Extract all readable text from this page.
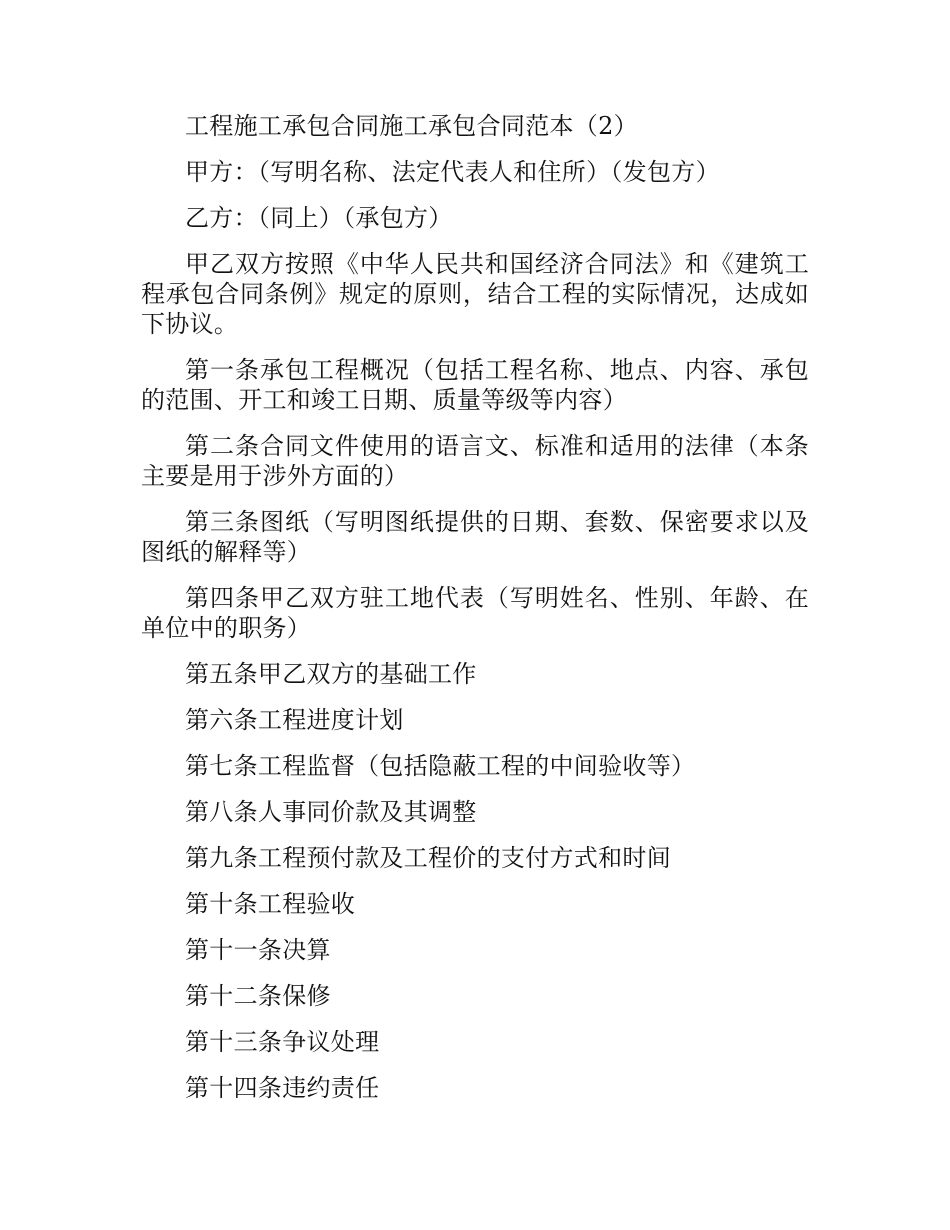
工程施工承包合同施工承包合同范本（2）

甲方：（写明名称、法定代表人和住所）（发包方）

乙方：（同上）（承包方）

甲乙双方按照《中华人民共和国经济合同法》和《建筑工程承包合同条例》规定的原则，结合工程的实际情况，达成如下协议。

第一条承包工程概况（包括工程名称、地点、内容、承包的范围、开工和竣工日期、质量等级等内容）

第二条合同文件使用的语言文、标准和适用的法律（本条主要是用于涉外方面的）

第三条图纸（写明图纸提供的日期、套数、保密要求以及图纸的解释等）

第四条甲乙双方驻工地代表（写明姓名、性别、年龄、在单位中的职务）

第五条甲乙双方的基础工作

第六条工程进度计划

第七条工程监督（包括隐蔽工程的中间验收等）

第八条人事同价款及其调整

第九条工程预付款及工程价的支付方式和时间

第十条工程验收

第十一条决算

第十二条保修

第十三条争议处理

第十四条违约责任
